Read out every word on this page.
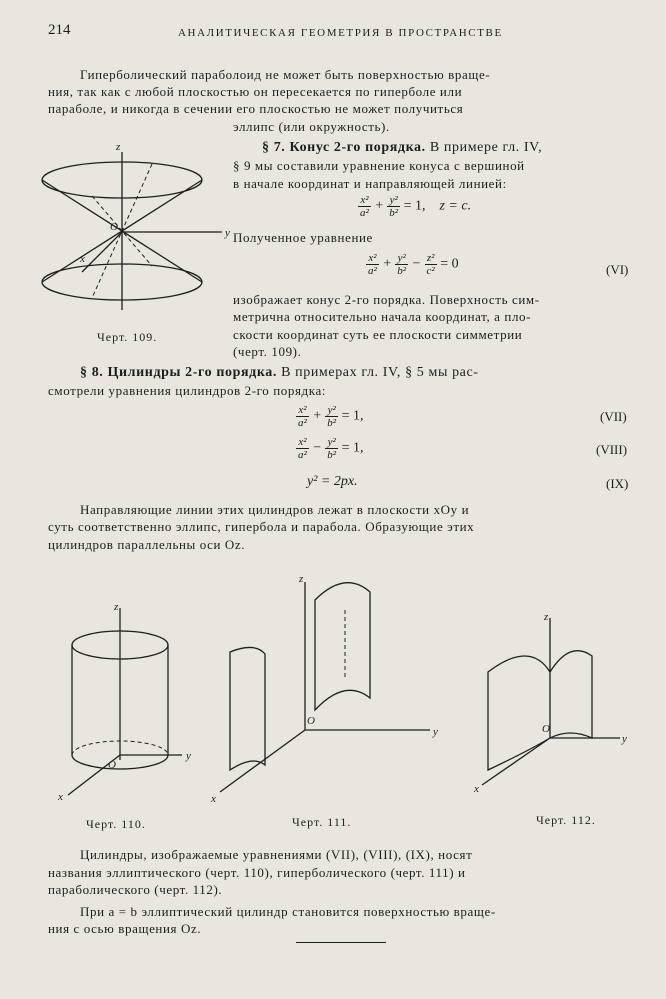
214	АНАЛИТИЧЕСКАЯ ГЕОМЕТРИЯ В ПРОСТРАНСТВЕ
Гиперболический параболоид не может быть поверхностью враще-
ния, так как с любой плоскостью он пересекается по гиперболе или
параболе, и никогда в сечении его плоскостью не может получиться
эллипс (или окружность).
§ 7. Конус 2-го порядка. В примере гл. IV,
§ 9 мы составили уравнение конуса с вершиной
в начале координат и направляющей линией:
$\frac{\text{x²}}{\text{a²}} + \frac{\text{y²}}{\text{b²}} = 1$, z = c.
Полученное уравнение
$\frac{\text{x²}}{\text{a²}} + \frac{\text{y²}}{\text{b²}} - \frac{\text{z²}}{\text{c²}} = 0$	(VI)
изображает конус 2-го порядка. Поверхность сим-
метрична относительно начала координат, а пло-
скости координат суть ее плоскости симметрии
(черт. 109).
z
y
x
O
Черт. 109.
§ 8. Цилиндры 2-го порядка. В примерах гл. IV, § 5 мы рас-
смотрели уравнения цилиндров 2-го порядка:
$\frac{\text{x²}}{\text{a²}} + \frac{\text{y²}}{\text{b²}} = 1$,	(VII)
$\frac{\text{x²}}{\text{a²}} - \frac{\text{y²}}{\text{b²}} = 1$,	(VIII)
y² = 2px.	(IX)
Направляющие линии этих цилиндров лежат в плоскости xOy и
суть соответственно эллипс, гипербола и парабола. Образующие этих
цилиндров параллельны оси Oz.
z
y
x
O
Черт. 110.
z
y
x
O
Черт. 111.
z
y
x
O
Черт. 112.
Цилиндры, изображаемые уравнениями (VII), (VIII), (IX), носят
названия эллиптического (черт. 110), гиперболического (черт. 111) и
параболического (черт. 112).
При a = b эллиптический цилиндр становится поверхностью враще-
ния с осью вращения Oz.
